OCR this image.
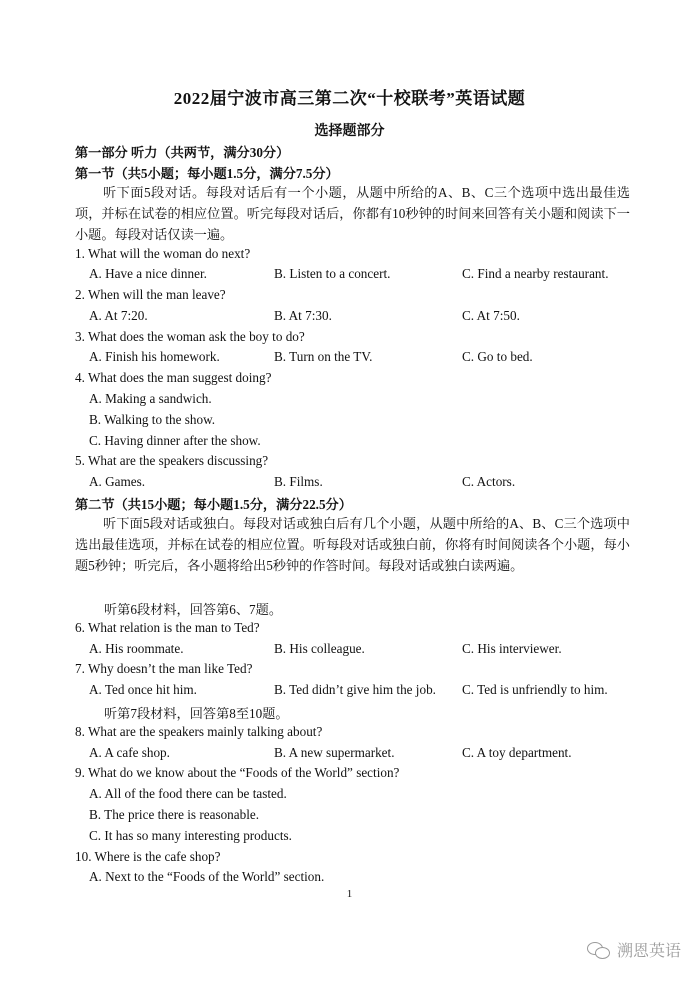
2022届宁波市高三第二次“十校联考”英语试题
选择题部分
第一部分 听力（共两节，满分30分）
第一节（共5小题；每小题1.5分，满分7.5分）
听下面5段对话。每段对话后有一个小题，从题中所给的A、B、C三个选项中选出最佳选项，并标在试卷的相应位置。听完每段对话后，你都有10秒钟的时间来回答有关小题和阅读下一小题。每段对话仅读一遍。
1. What will the woman do next?
A. Have a nice dinner.	B. Listen to a concert.	C. Find a nearby restaurant.
2. When will the man leave?
A. At 7:20.	B. At 7:30.	C. At 7:50.
3. What does the woman ask the boy to do?
A. Finish his homework.	B. Turn on the TV.	C. Go to bed.
4. What does the man suggest doing?
A. Making a sandwich.
B. Walking to the show.
C. Having dinner after the show.
5. What are the speakers discussing?
A. Games.	B. Films.	C. Actors.
第二节（共15小题；每小题1.5分，满分22.5分）
听下面5段对话或独白。每段对话或独白后有几个小题，从题中所给的A、B、C三个选项中选出最佳选项，并标在试卷的相应位置。听每段对话或独白前，你将有时间阅读各个小题，每小题5秒钟；听完后，各小题将给出5秒钟的作答时间。每段对话或独白读两遍。
听第6段材料，回答第6、7题。
6. What relation is the man to Ted?
A. His roommate.	B. His colleague.	C. His interviewer.
7. Why doesn’t the man like Ted?
A. Ted once hit him.	B. Ted didn’t give him the job. C. Ted is unfriendly to him.
听第7段材料，回答第8至10题。
8. What are the speakers mainly talking about?
A. A cafe shop.	B. A new supermarket.	C. A toy department.
9. What do we know about the “Foods of the World” section?
A. All of the food there can be tasted.
B. The price there is reasonable.
C. It has so many interesting products.
10. Where is the cafe shop?
A. Next to the “Foods of the World” section.
1
溯恩英语
